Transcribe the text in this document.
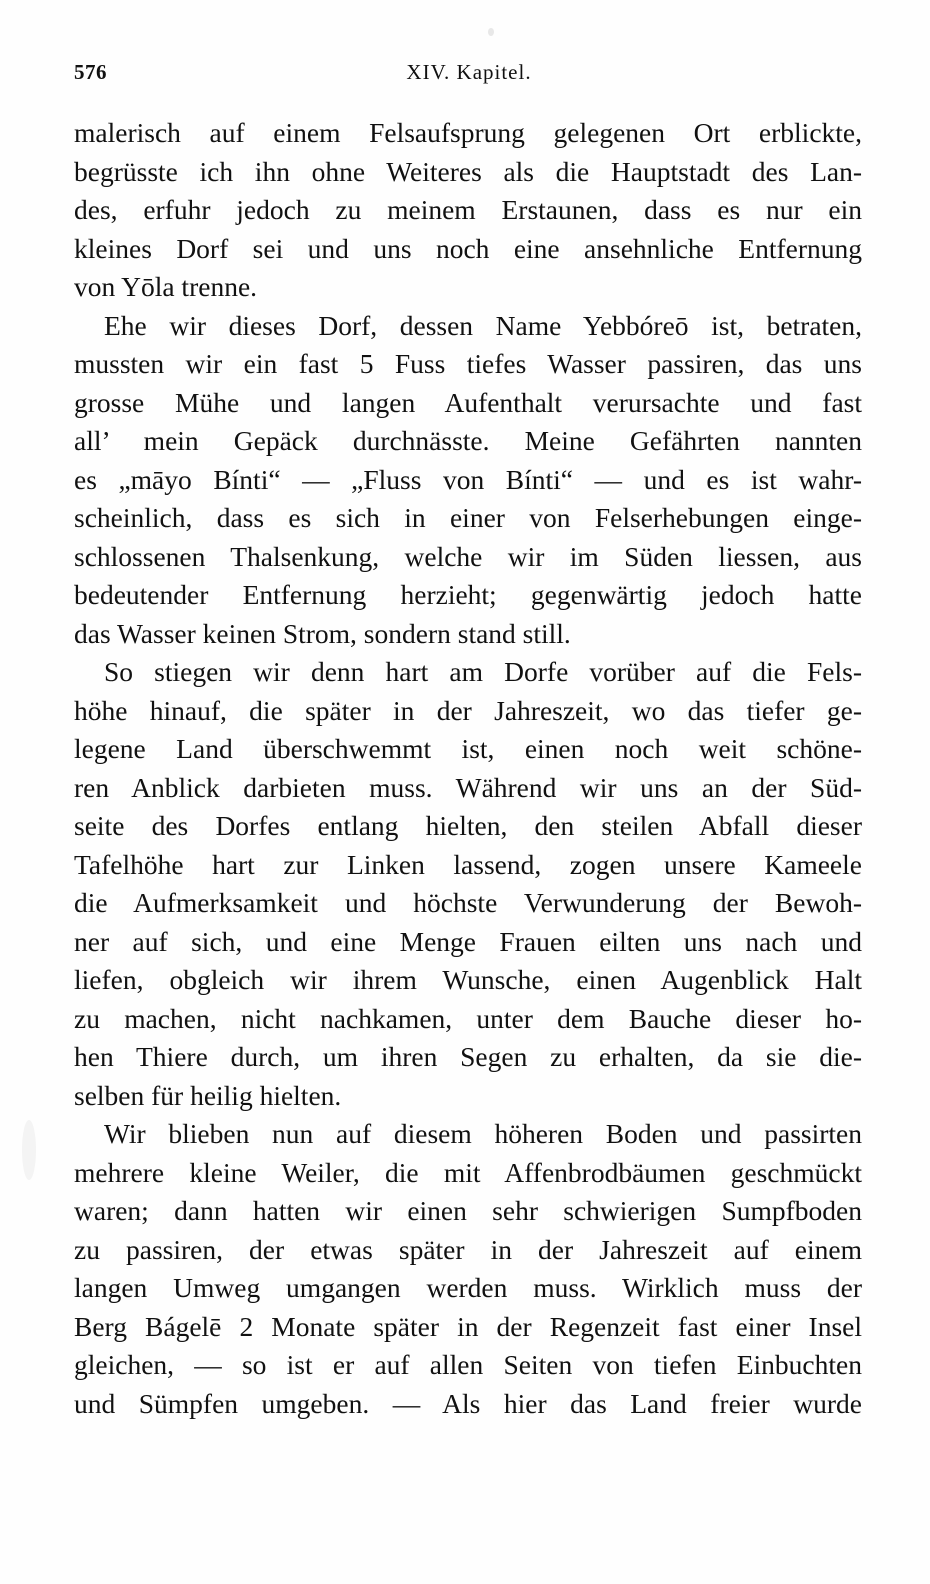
576	XIV. Kapitel.
malerisch auf einem Felsaufsprung gelegenen Ort erblickte,
begrüsste ich ihn ohne Weiteres als die Hauptstadt des Lan-
des, erfuhr jedoch zu meinem Erstaunen, dass es nur ein
kleines Dorf sei und uns noch eine ansehnliche Entfernung
von Yōla trenne.
Ehe wir dieses Dorf, dessen Name Yebbóreō ist, betraten,
mussten wir ein fast 5 Fuss tiefes Wasser passiren, das uns
grosse Mühe und langen Aufenthalt verursachte und fast
all’ mein Gepäck durchnässte. Meine Gefährten nannten
es „māyo Bínti“ — „Fluss von Bínti“ — und es ist wahr-
scheinlich, dass es sich in einer von Felserhebungen einge-
schlossenen Thalsenkung, welche wir im Süden liessen, aus
bedeutender Entfernung herzieht; gegenwärtig jedoch hatte
das Wasser keinen Strom, sondern stand still.
So stiegen wir denn hart am Dorfe vorüber auf die Fels-
höhe hinauf, die später in der Jahreszeit, wo das tiefer ge-
legene Land überschwemmt ist, einen noch weit schöne-
ren Anblick darbieten muss. Während wir uns an der Süd-
seite des Dorfes entlang hielten, den steilen Abfall dieser
Tafelhöhe hart zur Linken lassend, zogen unsere Kameele
die Aufmerksamkeit und höchste Verwunderung der Bewoh-
ner auf sich, und eine Menge Frauen eilten uns nach und
liefen, obgleich wir ihrem Wunsche, einen Augenblick Halt
zu machen, nicht nachkamen, unter dem Bauche dieser ho-
hen Thiere durch, um ihren Segen zu erhalten, da sie die-
selben für heilig hielten.
Wir blieben nun auf diesem höheren Boden und passirten
mehrere kleine Weiler, die mit Affenbrodbäumen geschmückt
waren; dann hatten wir einen sehr schwierigen Sumpfboden
zu passiren, der etwas später in der Jahreszeit auf einem
langen Umweg umgangen werden muss. Wirklich muss der
Berg Bágelē 2 Monate später in der Regenzeit fast einer Insel
gleichen, — so ist er auf allen Seiten von tiefen Einbuchten
und Sümpfen umgeben. — Als hier das Land freier wurde
